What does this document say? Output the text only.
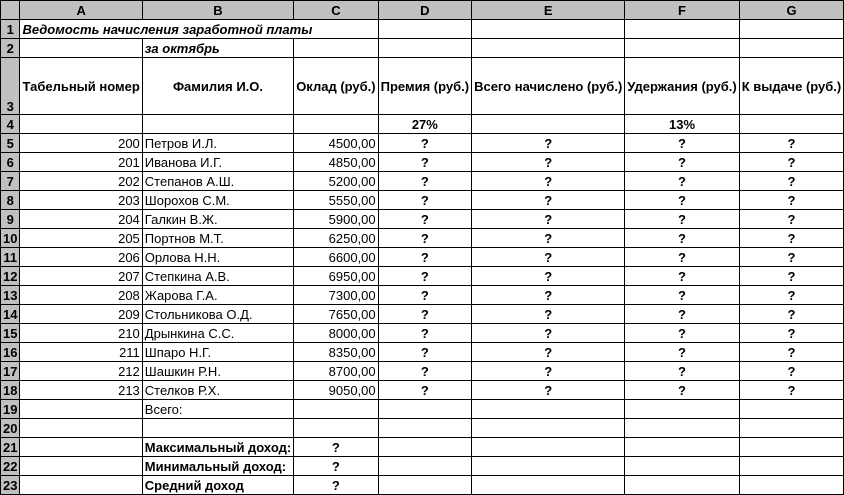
	A	B	C	D	E	F	G
1	Ведомость начисления заработной платы						
2		за октябрь					
3	Табельный номер	Фамилия И.О.	Оклад (руб.)	Премия (руб.)	Всего начислено (руб.)	Удержания (руб.)	К выдаче (руб.)
4				27%		13%	
5	200	Петров И.Л.	4500,00	?	?	?	?
6	201	Иванова И.Г.	4850,00	?	?	?	?
7	202	Степанов А.Ш.	5200,00	?	?	?	?
8	203	Шорохов С.М.	5550,00	?	?	?	?
9	204	Галкин В.Ж.	5900,00	?	?	?	?
10	205	Портнов М.Т.	6250,00	?	?	?	?
11	206	Орлова Н.Н.	6600,00	?	?	?	?
12	207	Степкина А.В.	6950,00	?	?	?	?
13	208	Жарова Г.А.	7300,00	?	?	?	?
14	209	Стольникова О.Д.	7650,00	?	?	?	?
15	210	Дрынкина С.С.	8000,00	?	?	?	?
16	211	Шпаро Н.Г.	8350,00	?	?	?	?
17	212	Шашкин Р.Н.	8700,00	?	?	?	?
18	213	Стелков Р.Х.	9050,00	?	?	?	?
19		Всего:					
20							
21		Максимальный доход:	?				
22		Минимальный доход:	?				
23		Средний доход	?				
